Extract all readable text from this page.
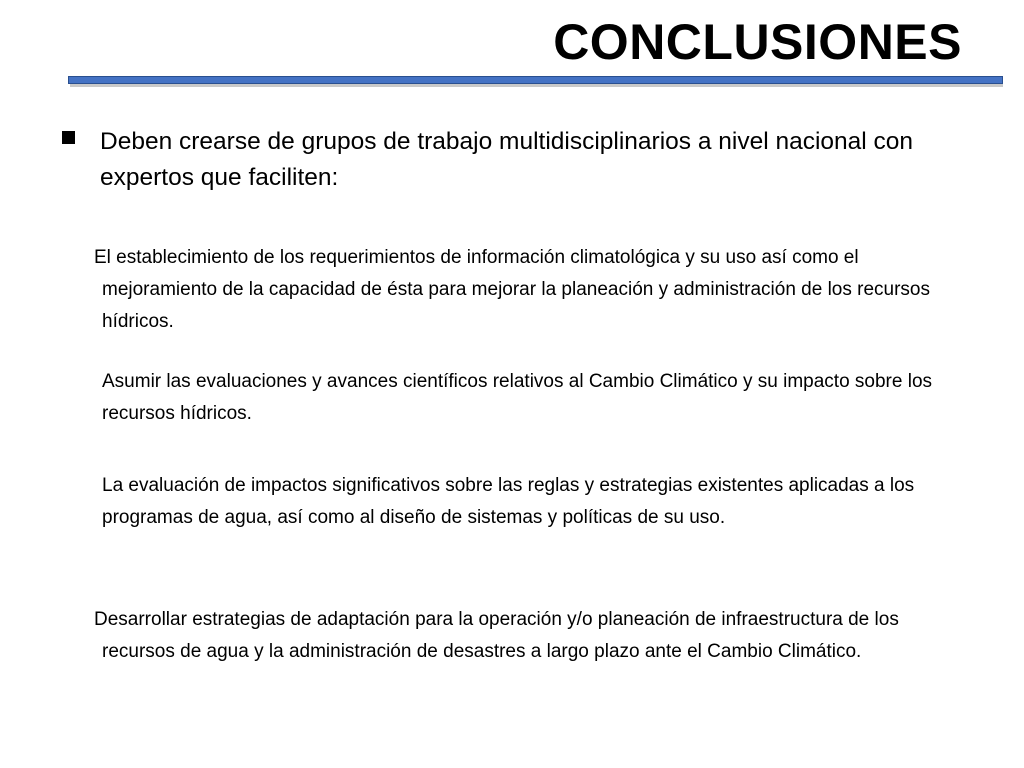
CONCLUSIONES
Deben crearse de grupos de trabajo multidisciplinarios a nivel nacional con expertos que faciliten:
El establecimiento de los requerimientos de información climatológica y su uso así como el mejoramiento de la capacidad de ésta para mejorar la planeación y administración de los recursos hídricos.
Asumir las evaluaciones y avances científicos relativos al Cambio Climático y su impacto sobre los recursos hídricos.
La evaluación de impactos significativos sobre las reglas y estrategias existentes aplicadas a los programas de agua, así como al diseño de sistemas y políticas de su uso.
Desarrollar estrategias de adaptación para la operación y/o planeación de infraestructura de los recursos de agua y la administración de desastres a largo plazo ante el Cambio Climático.
